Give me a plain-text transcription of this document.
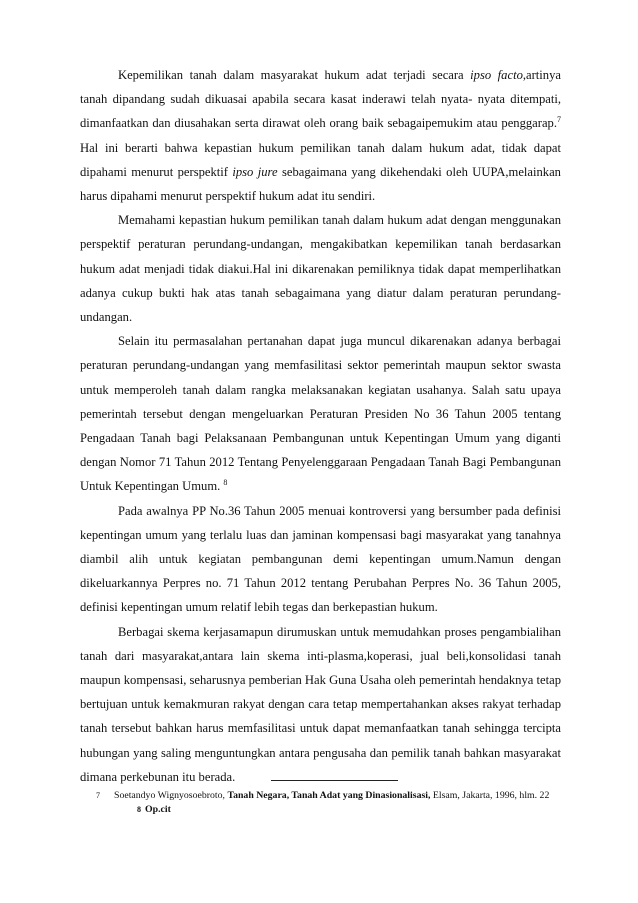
Kepemilikan tanah dalam masyarakat hukum adat terjadi secara ipso facto,artinya tanah dipandang sudah dikuasai apabila secara kasat inderawi telah nyata- nyata ditempati, dimanfaatkan dan diusahakan serta dirawat oleh orang baik sebagaipemukim atau penggarap.$^7$ Hal ini berarti bahwa kepastian hukum pemilikan tanah dalam hukum adat, tidak dapat dipahami menurut perspektif ipso jure sebagaimana yang dikehendaki oleh UUPA,melainkan harus dipahami menurut perspektif hukum adat itu sendiri.

Memahami kepastian hukum pemilikan tanah dalam hukum adat dengan menggunakan perspektif peraturan perundang-undangan, mengakibatkan kepemilikan tanah berdasarkan hukum adat menjadi tidak diakui.Hal ini dikarenakan pemiliknya tidak dapat memperlihatkan adanya cukup bukti hak atas tanah sebagaimana yang diatur dalam peraturan perundang-undangan.

Selain itu permasalahan pertanahan dapat juga muncul dikarenakan adanya berbagai peraturan perundang-undangan yang memfasilitasi sektor pemerintah maupun sektor swasta untuk memperoleh tanah dalam rangka melaksanakan kegiatan usahanya. Salah satu upaya pemerintah tersebut dengan mengeluarkan Peraturan Presiden No 36 Tahun 2005 tentang Pengadaan Tanah bagi Pelaksanaan Pembangunan untuk Kepentingan Umum yang diganti dengan Nomor 71 Tahun 2012 Tentang Penyelenggaraan Pengadaan Tanah Bagi Pembangunan Untuk Kepentingan Umum. $^8$

Pada awalnya PP No.36 Tahun 2005 menuai kontroversi yang bersumber pada definisi kepentingan umum yang terlalu luas dan jaminan kompensasi bagi masyarakat yang tanahnya diambil alih untuk kegiatan pembangunan demi kepentingan umum.Namun dengan dikeluarkannya Perpres no. 71 Tahun 2012 tentang Perubahan Perpres No. 36 Tahun 2005, definisi kepentingan umum relatif lebih tegas dan berkepastian hukum.

Berbagai skema kerjasamapun dirumuskan untuk memudahkan proses pengambialihan tanah dari masyarakat,antara lain skema inti-plasma,koperasi, jual beli,konsolidasi tanah maupun kompensasi, seharusnya pemberian Hak Guna Usaha oleh pemerintah hendaknya tetap bertujuan untuk kemakmuran rakyat dengan cara tetap mempertahankan akses rakyat terhadap tanah tersebut bahkan harus memfasilitasi untuk dapat memanfaatkan tanah sehingga tercipta hubungan yang saling menguntungkan antara pengusaha dan pemilik tanah bahkan masyarakat dimana perkebunan itu berada.

7 Soetandyo Wignyosoebroto, Tanah Negara, Tanah Adat yang Dinasionalisasi, Elsam, Jakarta, 1996, hlm. 22

8 Op.cit
